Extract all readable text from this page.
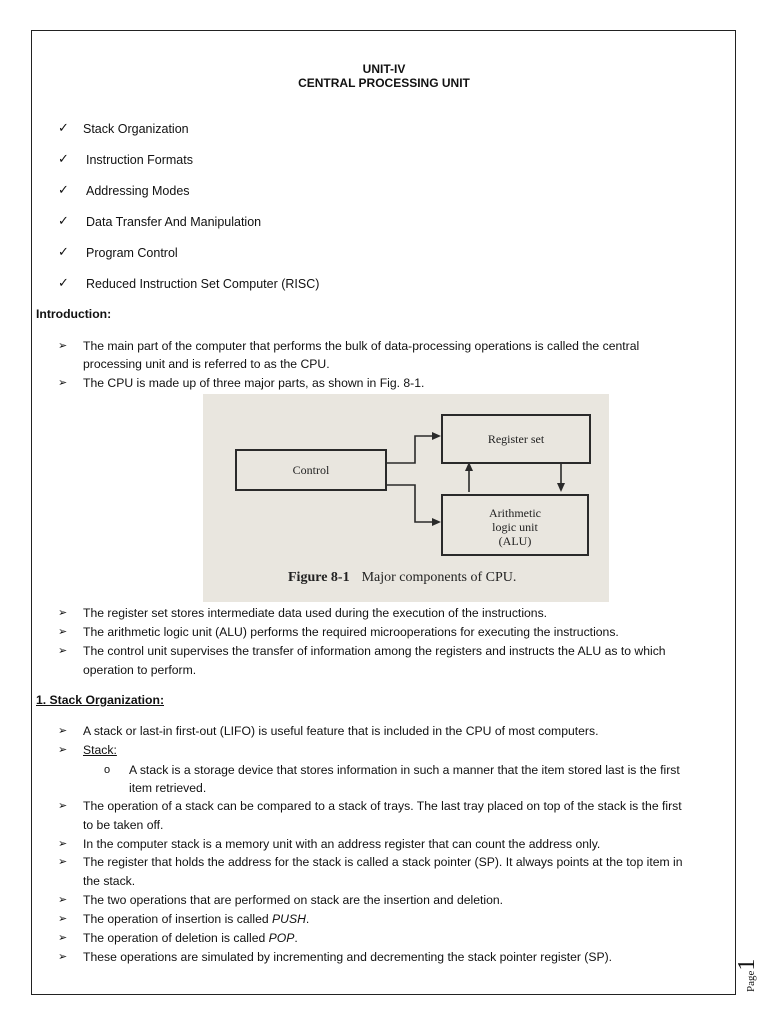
UNIT-IV
CENTRAL PROCESSING UNIT
✓ Stack Organization
✓ Instruction Formats
✓ Addressing Modes
✓ Data Transfer And Manipulation
✓ Program Control
✓ Reduced Instruction Set Computer (RISC)
Introduction:
➢ The main part of the computer that performs the bulk of data-processing operations is called the central
processing unit and is referred to as the CPU.
➢ The CPU is made up of three major parts, as shown in Fig. 8-1.
Control
Register set
Arithmetic
logic unit
(ALU)
Figure 8-1 Major components of CPU.
➢ The register set stores intermediate data used during the execution of the instructions.
➢ The arithmetic logic unit (ALU) performs the required microoperations for executing the instructions.
➢ The control unit supervises the transfer of information among the registers and instructs the ALU as to which
operation to perform.
1. Stack Organization:
➢ A stack or last-in first-out (LIFO) is useful feature that is included in the CPU of most computers.
➢ Stack:
o A stack is a storage device that stores information in such a manner that the item stored last is the first
item retrieved.
➢ The operation of a stack can be compared to a stack of trays. The last tray placed on top of the stack is the first
to be taken off.
➢ In the computer stack is a memory unit with an address register that can count the address only.
➢ The register that holds the address for the stack is called a stack pointer (SP). It always points at the top item in
the stack.
➢ The two operations that are performed on stack are the insertion and deletion.
➢ The operation of insertion is called PUSH.
➢ The operation of deletion is called POP.
➢ These operations are simulated by incrementing and decrementing the stack pointer register (SP).
Page1
